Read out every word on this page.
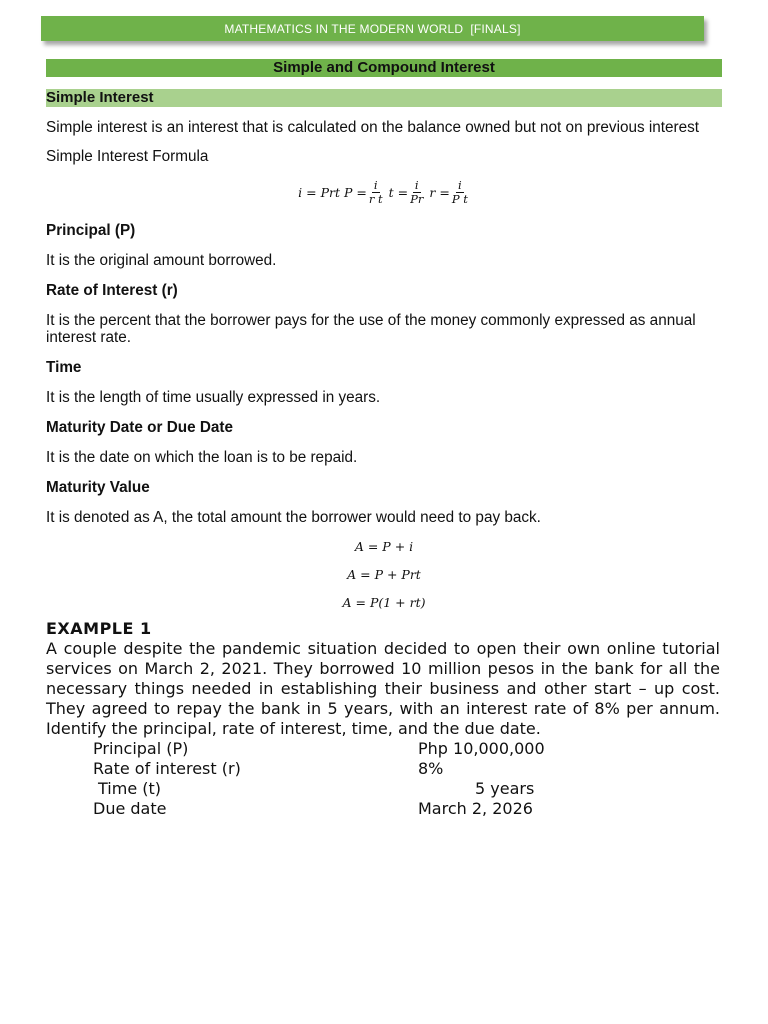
MATHEMATICS IN THE MODERN WORLD  [FINALS]
Simple and Compound Interest
Simple Interest

Simple interest is an interest that is calculated on the balance owned but not on previous interest

Simple Interest Formula

i = Prt $P = \frac{i}{\text{r t}}$ $t = \frac{i}{Pr}$ $r = \frac{i}{\text{P t}}$

Principal (P)

It is the original amount borrowed.

Rate of Interest (r)

It is the percent that the borrower pays for the use of the money commonly expressed as annual interest rate.

Time

It is the length of time usually expressed in years.

Maturity Date or Due Date

It is the date on which the loan is to be repaid.

Maturity Value

It is denoted as A, the total amount the borrower would need to pay back.

A = P + i
A = P + Prt
A = P(1 + rt)
EXAMPLE 1
A couple despite the pandemic situation decided to open their own online tutorial services on March 2, 2021. They borrowed 10 million pesos in the bank for all the necessary things needed in establishing their business and other start – up cost. They agreed to repay the bank in 5 years, with an interest rate of 8% per annum. Identify the principal, rate of interest, time, and the due date.
Principal (P)	Php 10,000,000
Rate of interest (r)	8%
Time (t)	5 years
Due date	March 2, 2026
